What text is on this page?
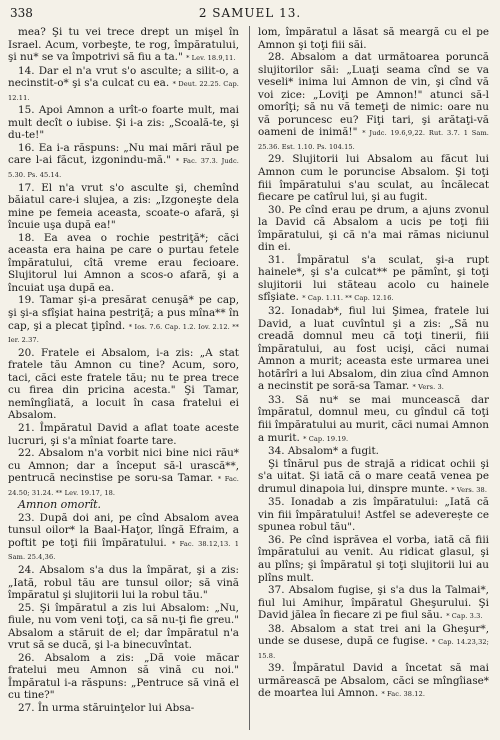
338	2 SAMUEL 13.

mea? Şi tu vei trece drept un mişel în Israel. Acum, vorbeşte, te rog, împăratului, şi nu* se va împotrivi să fiu a ta." * Lev. 18.9,11.

14. Dar el n'a vrut s'o asculte; a silit-o, a necinstit-o* şi s'a culcat cu ea. * Deut. 22.25. Cap. 12.11.

15. Apoi Amnon a urît-o foarte mult, mai mult decît o iubise. Şi i-a zis: „Scoală-te, şi du-te!"

16. Ea i-a răspuns: „Nu mai mări răul pe care l-ai făcut, izgonindu-mă." * Fac. 37.3. Judc. 5.30. Ps. 45.14.

17. El n'a vrut s'o asculte şi, chemînd băiatul care-i slujea, a zis: „Izgoneşte dela mine pe femeia aceasta, scoate-o afară, şi încuie uşa după ea!"

18. Ea avea o rochie pestriţă*; căci aceasta era haina pe care o purtau fetele împăratului, cîtă vreme erau fecioare. Slujitorul lui Amnon a scos-o afară, şi a încuiat uşa după ea.

19. Tamar şi-a presărat cenuşă* pe cap, şi şi-a sfîşiat haina pestriţă; a pus mîna** în cap, şi a plecat ţipînd. * Ios. 7.6. Cap. 1.2. Iov. 2.12. ** Ier. 2.37.

20. Fratele ei Absalom, i-a zis: „A stat fratele tău Amnon cu tine? Acum, soro, taci, căci este fratele tău; nu te prea trece cu firea din pricina acesta." Şi Tamar, nemîngîiată, a locuit în casa fratelui ei Absalom.

21. Împăratul David a aflat toate aceste lucruri, şi s'a mîniat foarte tare.

22. Absalom n'a vorbit nici bine nici rău* cu Amnon; dar a început să-l urască**, pentrucă necinstise pe soru-sa Tamar. * Fac. 24.50; 31.24. ** Lev. 19.17, 18.

Amnon omorît.

23. După doi ani, pe cînd Absalom avea tunsul oilor* la Baal-Haţor, lîngă Efraim, a poftit pe toţi fiii împăratului. * Fac. 38.12,13. 1 Sam. 25.4,36.

24. Absalom s'a dus la împărat, şi a zis: „Iată, robul tău are tunsul oilor; să vină împăratul şi slujitorii lui la robul tău."

25. Şi împăratul a zis lui Absalom: „Nu, fiule, nu vom veni toţi, ca să nu-ţi fie greu." Absalom a stăruit de el; dar împăratul n'a vrut să se ducă, şi l-a binecuvîntat.

26. Absalom a zis: „Dă voie măcar fratelui meu Amnon să vină cu noi." Împăratul i-a răspuns: „Pentruce să vină el cu tine?"

27. În urma stăruinţelor lui Absa-

lom, împăratul a lăsat să meargă cu el pe Amnon şi toţi fiii săi.

28. Absalom a dat următoarea poruncă slujitorilor săi: „Luaţi seama cînd se va veseli* inima lui Amnon de vin, şi cînd vă voi zice: „Loviţi pe Amnon!" atunci să-l omorîţi; să nu vă temeţi de nimic: oare nu vă poruncesc eu? Fiţi tari, şi arătaţi-vă oameni de inimă!" * Judc. 19.6,9,22. Rut. 3.7. 1 Sam. 25.36. Est. 1.10. Ps. 104.15.

29. Slujitorii lui Absalom au făcut lui Amnon cum le poruncise Absalom. Şi toţi fiii împăratului s'au sculat, au încălecat fiecare pe catîrul lui, şi au fugit.

30. Pe cînd erau pe drum, a ajuns zvonul la David că Absalom a ucis pe toţi fiii împăratului, şi că n'a mai rămas niciunul din ei.

31. Împăratul s'a sculat, şi-a rupt hainele*, şi s'a culcat** pe pămînt, şi toţi slujitorii lui stăteau acolo cu hainele sfîşiate. * Cap. 1.11. ** Cap. 12.16.

32. Ionadab*, fiul lui Şimea, fratele lui David, a luat cuvîntul şi a zis: „Să nu creadă domnul meu că toţi tinerii, fiii împăratului, au fost ucişi, căci numai Amnon a murit; aceasta este urmarea unei hotărîri a lui Absalom, din ziua cînd Amnon a necinstit pe soră-sa Tamar. * Vers. 3.

33. Să nu* se mai muncească dar împăratul, domnul meu, cu gîndul că toţi fiii împăratului au murit, căci numai Amnon a murit. * Cap. 19.19.

34. Absalom* a fugit.

Şi tînărul pus de strajă a ridicat ochii şi s'a uitat. Şi iată că o mare ceată venea pe drumul dinapoia lui, dinspre munte. * Vers. 38.

35. Ionadab a zis împăratului: „Iată că vin fiii împăratului! Astfel se adeverește ce spunea robul tău".

36. Pe cînd isprăvea el vorba, iată că fiii împăratului au venit. Au ridicat glasul, şi au plîns; şi împăratul şi toţi slujitorii lui au plîns mult.

37. Absalom fugise, şi s'a dus la Talmai*, fiul lui Amihur, împăratul Gheşurului. Şi David jălea în fiecare zi pe fiul său. * Cap. 3.3.

38. Absalom a stat trei ani la Gheşur*, unde se dusese, după ce fugise. * Cap. 14.23,32; 15.8.

39. Împăratul David a încetat să mai urmărească pe Absalom, căci se mîngîiase* de moartea lui Amnon. * Fac. 38.12.
